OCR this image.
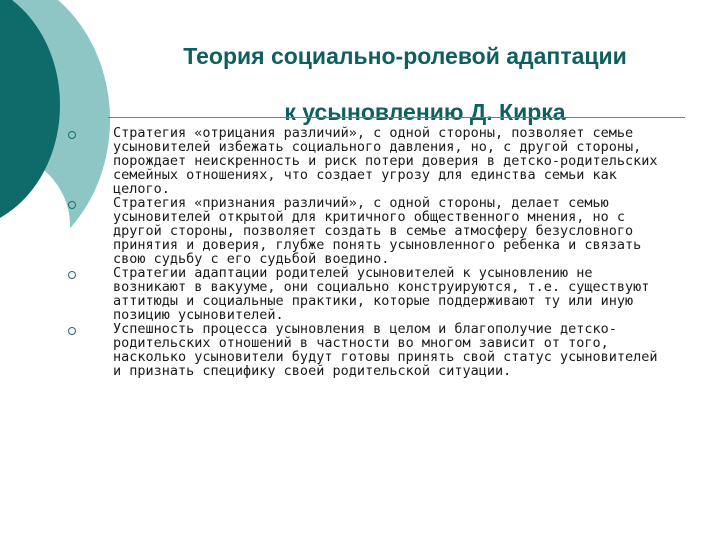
Теория социально-ролевой адаптации
к усыновлению Д. Кирка
Стратегия «отрицания различий», с одной стороны, позволяет семье усыновителей избежать социального давления, но, с другой стороны, порождает неискренность и риск потери доверия в детско-родительских семейных отношениях, что создает угрозу для единства семьи как целого.
Стратегия «признания различий», с одной стороны, делает семью усыновителей открытой для критичного общественного мнения, но с другой стороны, позволяет создать в семье атмосферу безусловного принятия и доверия, глубже понять усыновленного ребенка и связать свою судьбу с его судьбой воедино.
Стратегии адаптации родителей усыновителей к усыновлению не возникают в вакууме, они социально конструируются, т.е. существуют аттитюды и социальные практики, которые поддерживают ту или иную позицию усыновителей.
Успешность процесса усыновления в целом и благополучие детско-родительских отношений в частности во многом зависит от того, насколько усыновители будут готовы принять свой статус усыновителей и признать специфику своей родительской ситуации.
